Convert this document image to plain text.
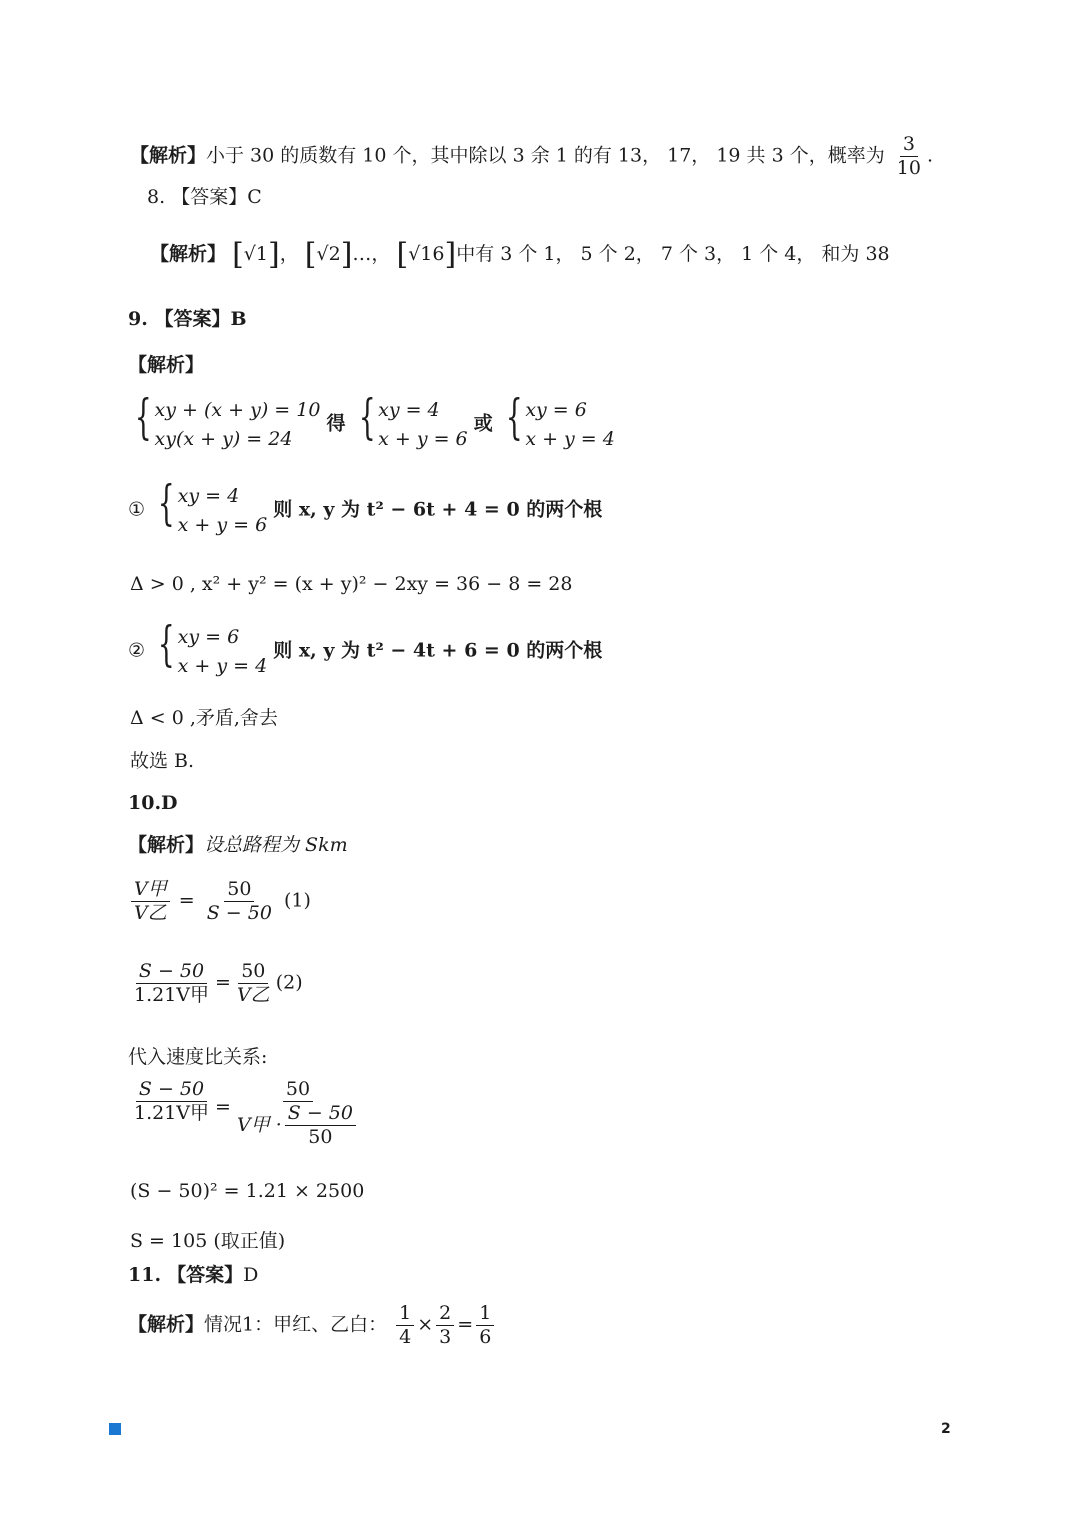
【解析】小于 30 的质数有 10 个，其中除以 3 余 1 的有 13， 17， 19 共 3 个，概率为 $\frac{3}{10}$ .
8. 【答案】C
【解析】 [√1]， [√2]…， [√16]中有 3 个 1， 5 个 2， 7 个 3， 1 个 4， 和为 38
9. 【答案】B
【解析】
{ xy + (x + y) = 10
xy(x + y) = 24
得 { xy = 4
x + y = 6
或 { xy = 6
x + y = 4
① { xy = 4
x + y = 6
则 x, y 为 t² − 6t + 4 = 0 的两个根
Δ > 0 , x² + y² = (x + y)² − 2xy = 36 − 8 = 28
② { xy = 6
x + y = 4
则 x, y 为 t² − 4t + 6 = 0 的两个根
Δ < 0 ,矛盾,舍去
故选 B.
10.D
【解析】设总路程为 Skm
$\frac{\text{V甲}}{\text{V乙}} = \frac{50}{S - 50} (1)$
$\frac{S - 50}{\text{1.21V甲}} = \frac{50}{\text{V乙}} (2)$
代入速度比关系:
$\frac{S - 50}{\text{1.21V甲}} = \frac{50}{V甲 \cdot \frac{S - 50}{50}}$
(S − 50)² = 1.21 × 2500
S = 105 (取正值)
11. 【答案】D
【解析】情况1：甲红、乙白： $\frac{1}{4} \times \frac{2}{3} = \frac{1}{6}$
2
